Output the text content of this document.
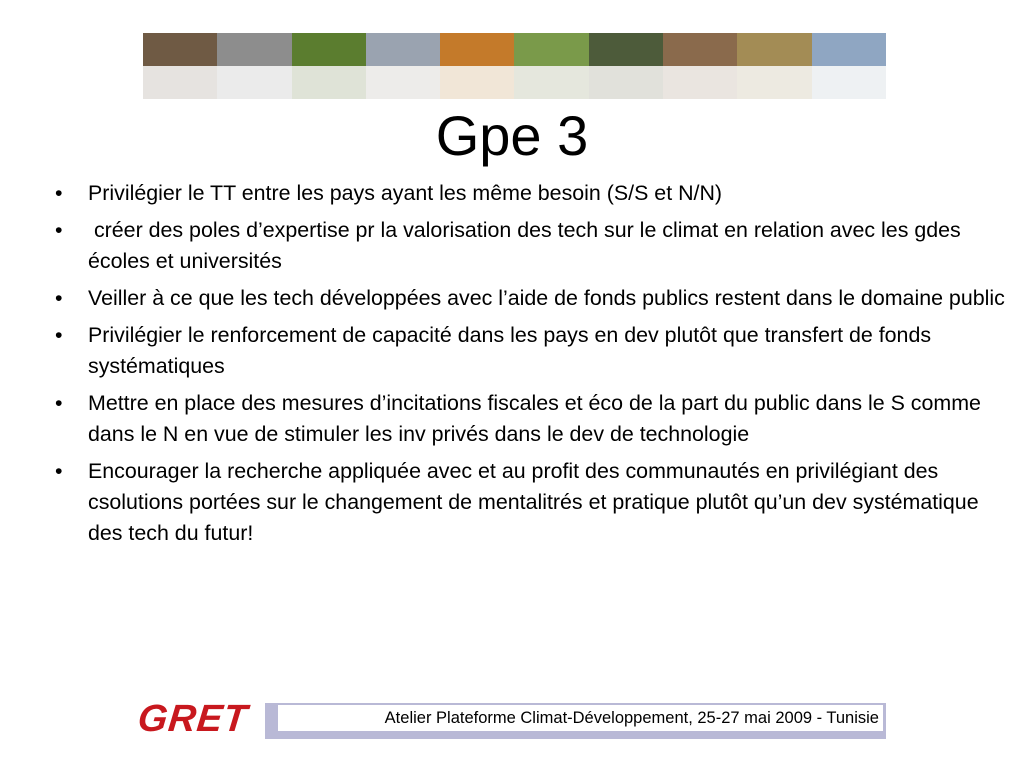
Gpe 3
• Privilégier le TT entre les pays ayant les même besoin (S/S et N/N)
• créer des poles d’expertise pr la valorisation des tech sur le climat en relation avec les gdes écoles et universités
• Veiller à ce que les tech développées avec l’aide de fonds publics restent dans le domaine public
• Privilégier le renforcement de capacité dans les pays en dev plutôt que transfert de fonds systématiques
• Mettre en place des mesures d’incitations fiscales et éco de la part du public dans le S comme dans le N en vue de stimuler les inv privés dans le dev de technologie
• Encourager la recherche appliquée avec et au profit des communautés en privilégiant des csolutions portées sur le changement de mentalitrés et pratique plutôt qu’un dev systématique des tech du futur!
GRET	Atelier Plateforme Climat-Développement, 25-27 mai 2009 - Tunisie
